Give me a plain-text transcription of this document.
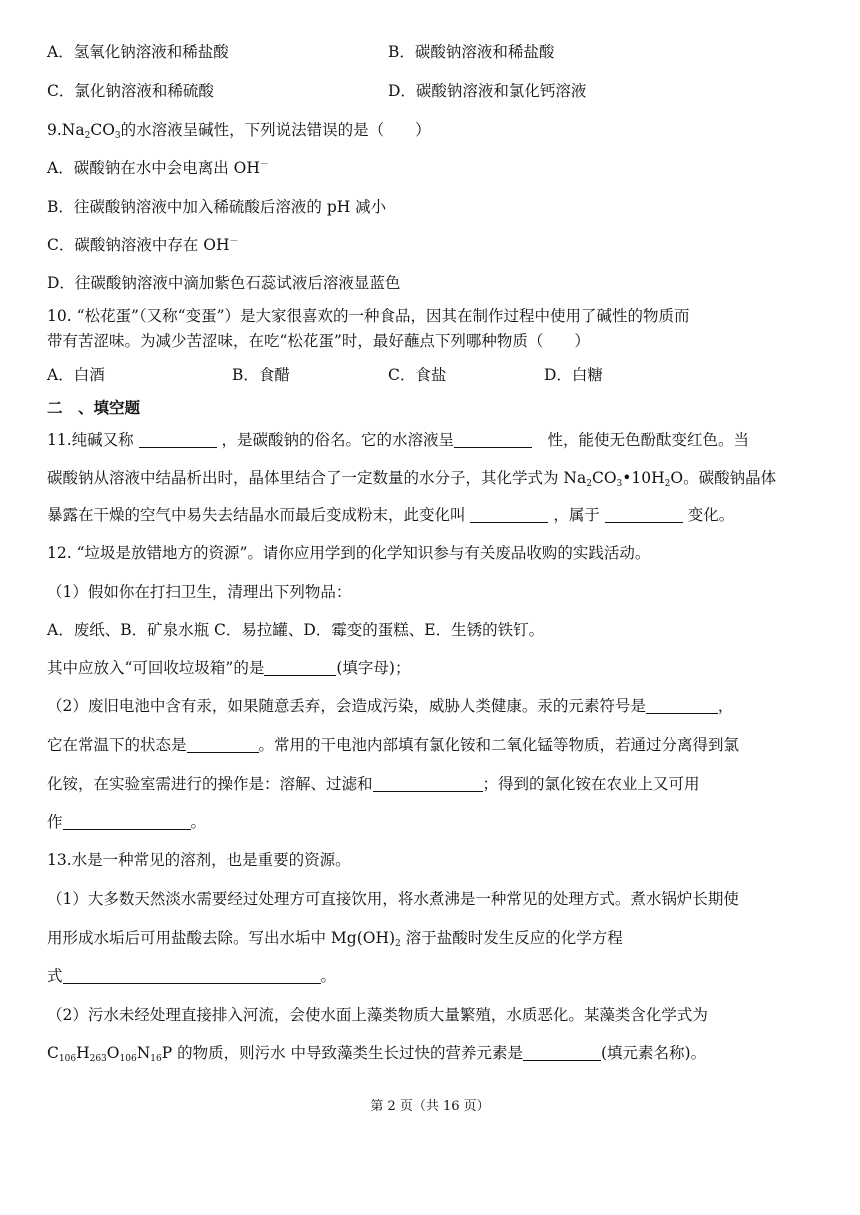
A．氢氧化钠溶液和稀盐酸	B．碳酸钠溶液和稀盐酸
C．氯化钠溶液和稀硫酸	D．碳酸钠溶液和氯化钙溶液
$9.Na_2CO_3$的水溶液呈碱性，下列说法错误的是（　　）
A．碳酸钠在水中会电离出 OH－
B．往碳酸钠溶液中加入稀硫酸后溶液的 pH 减小
C．碳酸钠溶液中存在 OH－
D．往碳酸钠溶液中滴加紫色石蕊试液后溶液显蓝色
10. “松花蛋”（又称“变蛋”）是大家很喜欢的一种食品，因其在制作过程中使用了碱性的物质而
带有苦涩味。为减少苦涩味，在吃“松花蛋”时，最好蘸点下列哪种物质（　　）
A．白酒	B．食醋	C．食盐	D．白糖
二　、填空题
11.纯碱又称	，是碳酸钠的俗名。它的水溶液呈	　性，能使无色酚酞变红色。当
碳酸钠从溶液中结晶析出时，晶体里结合了一定数量的水分子，其化学式为 $Na_2CO_3•10H_2O$。碳酸钠晶体
暴露在干燥的空气中易失去结晶水而最后变成粉末，此变化叫	，属于	变化。
12. “垃圾是放错地方的资源”。请你应用学到的化学知识参与有关废品收购的实践活动。
（1）假如你在打扫卫生，清理出下列物品：
A．废纸、B．矿泉水瓶 C．易拉罐、D．霉变的蛋糕、E．生锈的铁钉。
其中应放入“可回收垃圾箱”的是	(填字母)；
（2）废旧电池中含有汞，如果随意丢弃，会造成污染，威胁人类健康。汞的元素符号是	，
它在常温下的状态是	。常用的干电池内部填有氯化铵和二氧化锰等物质，若通过分离得到氯
化铵，在实验室需进行的操作是：溶解、过滤和	；得到的氯化铵在农业上又可用
作	。
13.水是一种常见的溶剂，也是重要的资源。
（1）大多数天然淡水需要经过处理方可直接饮用，将水煮沸是一种常见的处理方式。煮水锅炉长期使
用形成水垢后可用盐酸去除。写出水垢中 $Mg(OH)_2$ 溶于盐酸时发生反应的化学方程
式	。
（2）污水未经处理直接排入河流，会使水面上藻类物质大量繁殖，水质恶化。某藻类含化学式为
$C_{106}H_{263}O_{106}N_{16}P$ 的物质，则污水 中导致藻类生长过快的营养元素是	(填元素名称)。
第 2 页（共 16 页）
